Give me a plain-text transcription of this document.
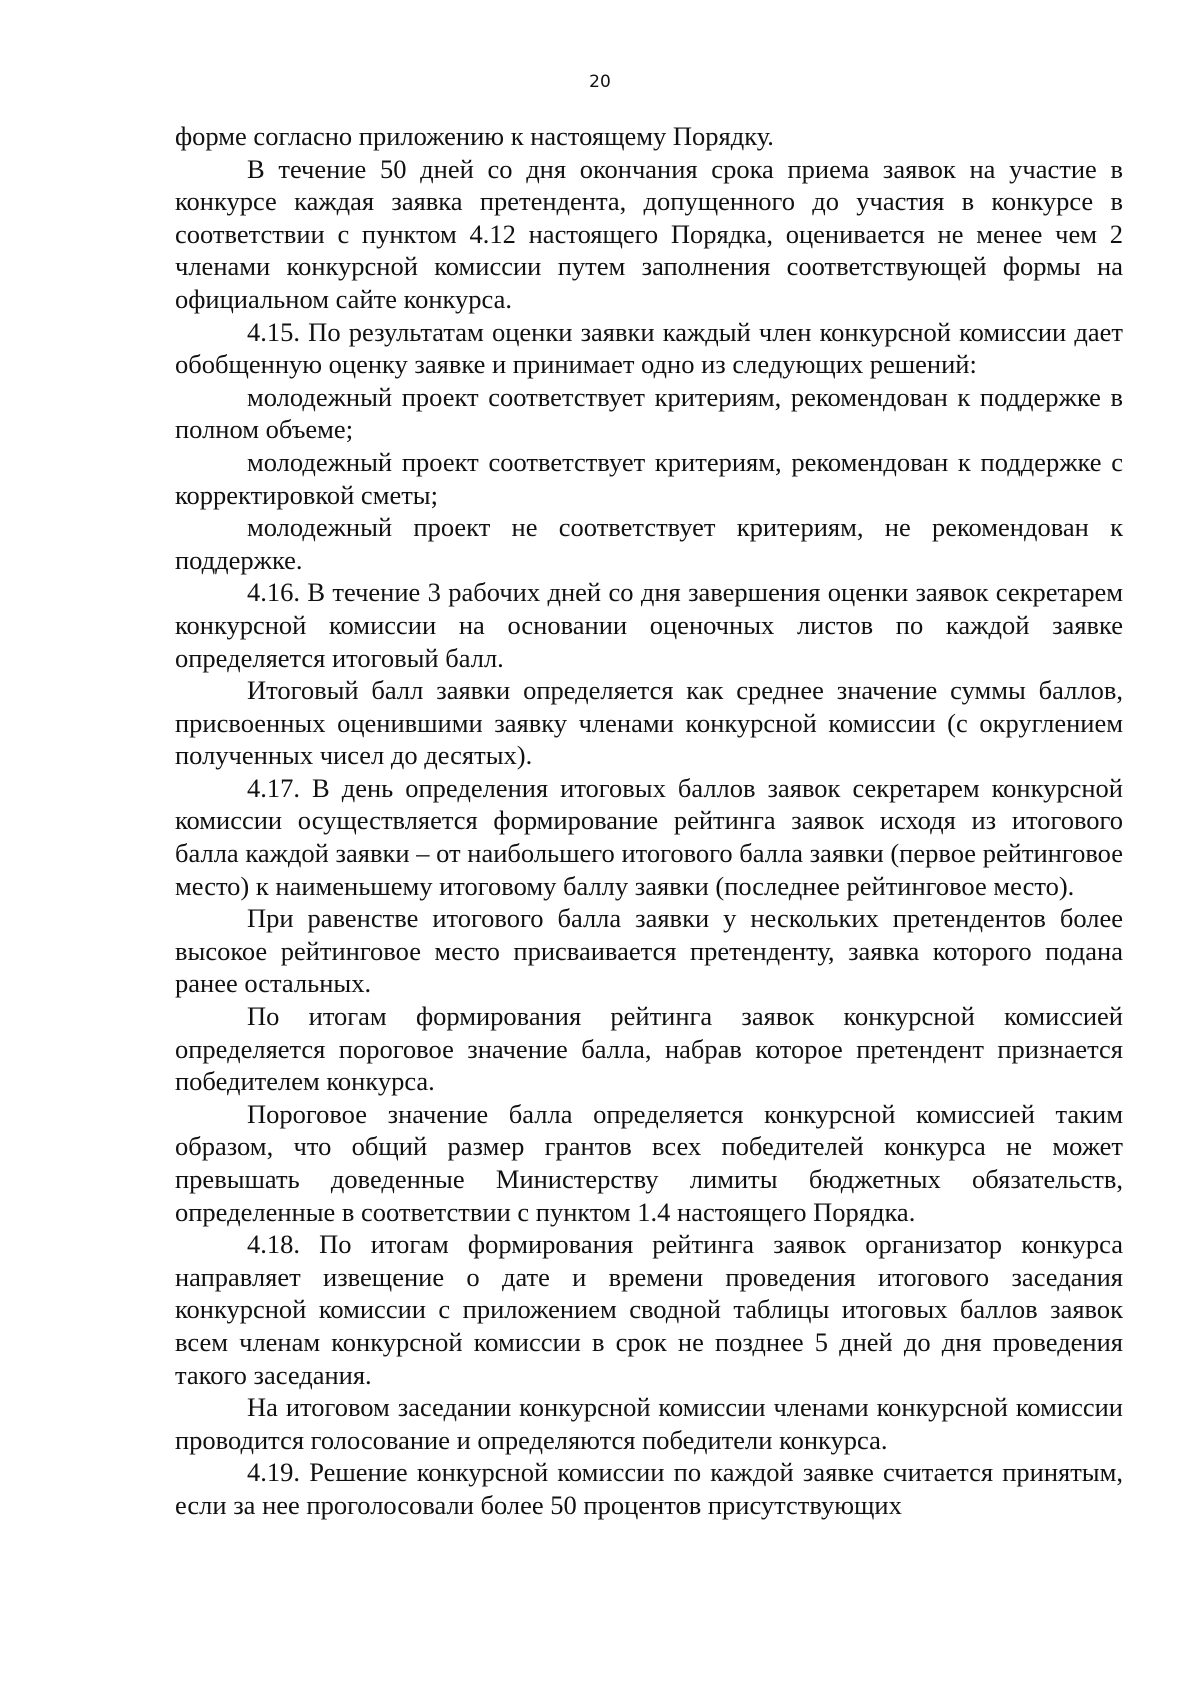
20

форме согласно приложению к настоящему Порядку.

В течение 50 дней со дня окончания срока приема заявок на участие в конкурсе каждая заявка претендента, допущенного до участия в конкурсе в соответствии с пунктом 4.12 настоящего Порядка, оценивается не менее чем 2 членами конкурсной комиссии путем заполнения соответствующей формы на официальном сайте конкурса.

4.15. По результатам оценки заявки каждый член конкурсной комиссии дает обобщенную оценку заявке и принимает одно из следующих решений:

молодежный проект соответствует критериям, рекомендован к поддержке в полном объеме;

молодежный проект соответствует критериям, рекомендован к поддержке с корректировкой сметы;

молодежный проект не соответствует критериям, не рекомендован к поддержке.

4.16. В течение 3 рабочих дней со дня завершения оценки заявок секретарем конкурсной комиссии на основании оценочных листов по каждой заявке определяется итоговый балл.

Итоговый балл заявки определяется как среднее значение суммы баллов, присвоенных оценившими заявку членами конкурсной комиссии (с округлением полученных чисел до десятых).

4.17. В день определения итоговых баллов заявок секретарем конкурсной комиссии осуществляется формирование рейтинга заявок исходя из итогового балла каждой заявки – от наибольшего итогового балла заявки (первое рейтинговое место) к наименьшему итоговому баллу заявки (последнее рейтинговое место).

При равенстве итогового балла заявки у нескольких претендентов более высокое рейтинговое место присваивается претенденту, заявка которого подана ранее остальных.

По итогам формирования рейтинга заявок конкурсной комиссией определяется пороговое значение балла, набрав которое претендент признается победителем конкурса.

Пороговое значение балла определяется конкурсной комиссией таким образом, что общий размер грантов всех победителей конкурса не может превышать доведенные Министерству лимиты бюджетных обязательств, определенные в соответствии с пунктом 1.4 настоящего Порядка.

4.18. По итогам формирования рейтинга заявок организатор конкурса направляет извещение о дате и времени проведения итогового заседания конкурсной комиссии с приложением сводной таблицы итоговых баллов заявок всем членам конкурсной комиссии в срок не позднее 5 дней до дня проведения такого заседания.

На итоговом заседании конкурсной комиссии членами конкурсной комиссии проводится голосование и определяются победители конкурса.

4.19. Решение конкурсной комиссии по каждой заявке считается принятым, если за нее проголосовали более 50 процентов присутствующих
